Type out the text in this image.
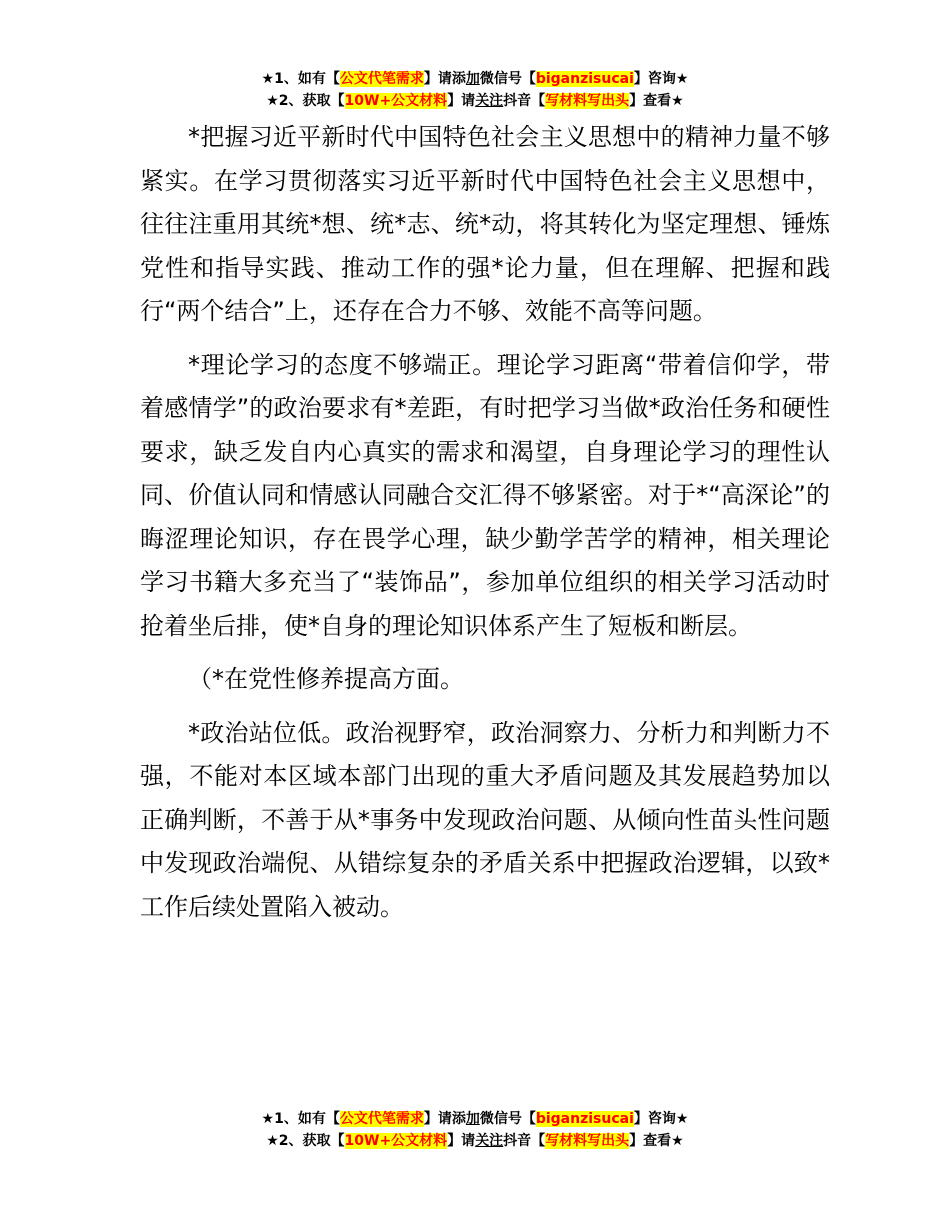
★1、如有【公文代笔需求】请添加微信号【biganzisucai】咨询★
★2、获取【10W+公文材料】请关注抖音【写材料写出头】查看★

*把握习近平新时代中国特色社会主义思想中的精神力量不够紧实。在学习贯彻落实习近平新时代中国特色社会主义思想中，往往注重用其统*想、统*志、统*动，将其转化为坚定理想、锤炼党性和指导实践、推动工作的强*论力量，但在理解、把握和践行“两个结合”上，还存在合力不够、效能不高等问题。

*理论学习的态度不够端正。理论学习距离“带着信仰学，带着感情学”的政治要求有*差距，有时把学习当做*政治任务和硬性要求，缺乏发自内心真实的需求和渴望，自身理论学习的理性认同、价值认同和情感认同融合交汇得不够紧密。对于*“高深论”的晦涩理论知识，存在畏学心理，缺少勤学苦学的精神，相关理论学习书籍大多充当了“装饰品”，参加单位组织的相关学习活动时抢着坐后排，使*自身的理论知识体系产生了短板和断层。

（*在党性修养提高方面。

*政治站位低。政治视野窄，政治洞察力、分析力和判断力不强，不能对本区域本部门出现的重大矛盾问题及其发展趋势加以正确判断，不善于从*事务中发现政治问题、从倾向性苗头性问题中发现政治端倪、从错综复杂的矛盾关系中把握政治逻辑，以致*工作后续处置陷入被动。

★1、如有【公文代笔需求】请添加微信号【biganzisucai】咨询★
★2、获取【10W+公文材料】请关注抖音【写材料写出头】查看★
